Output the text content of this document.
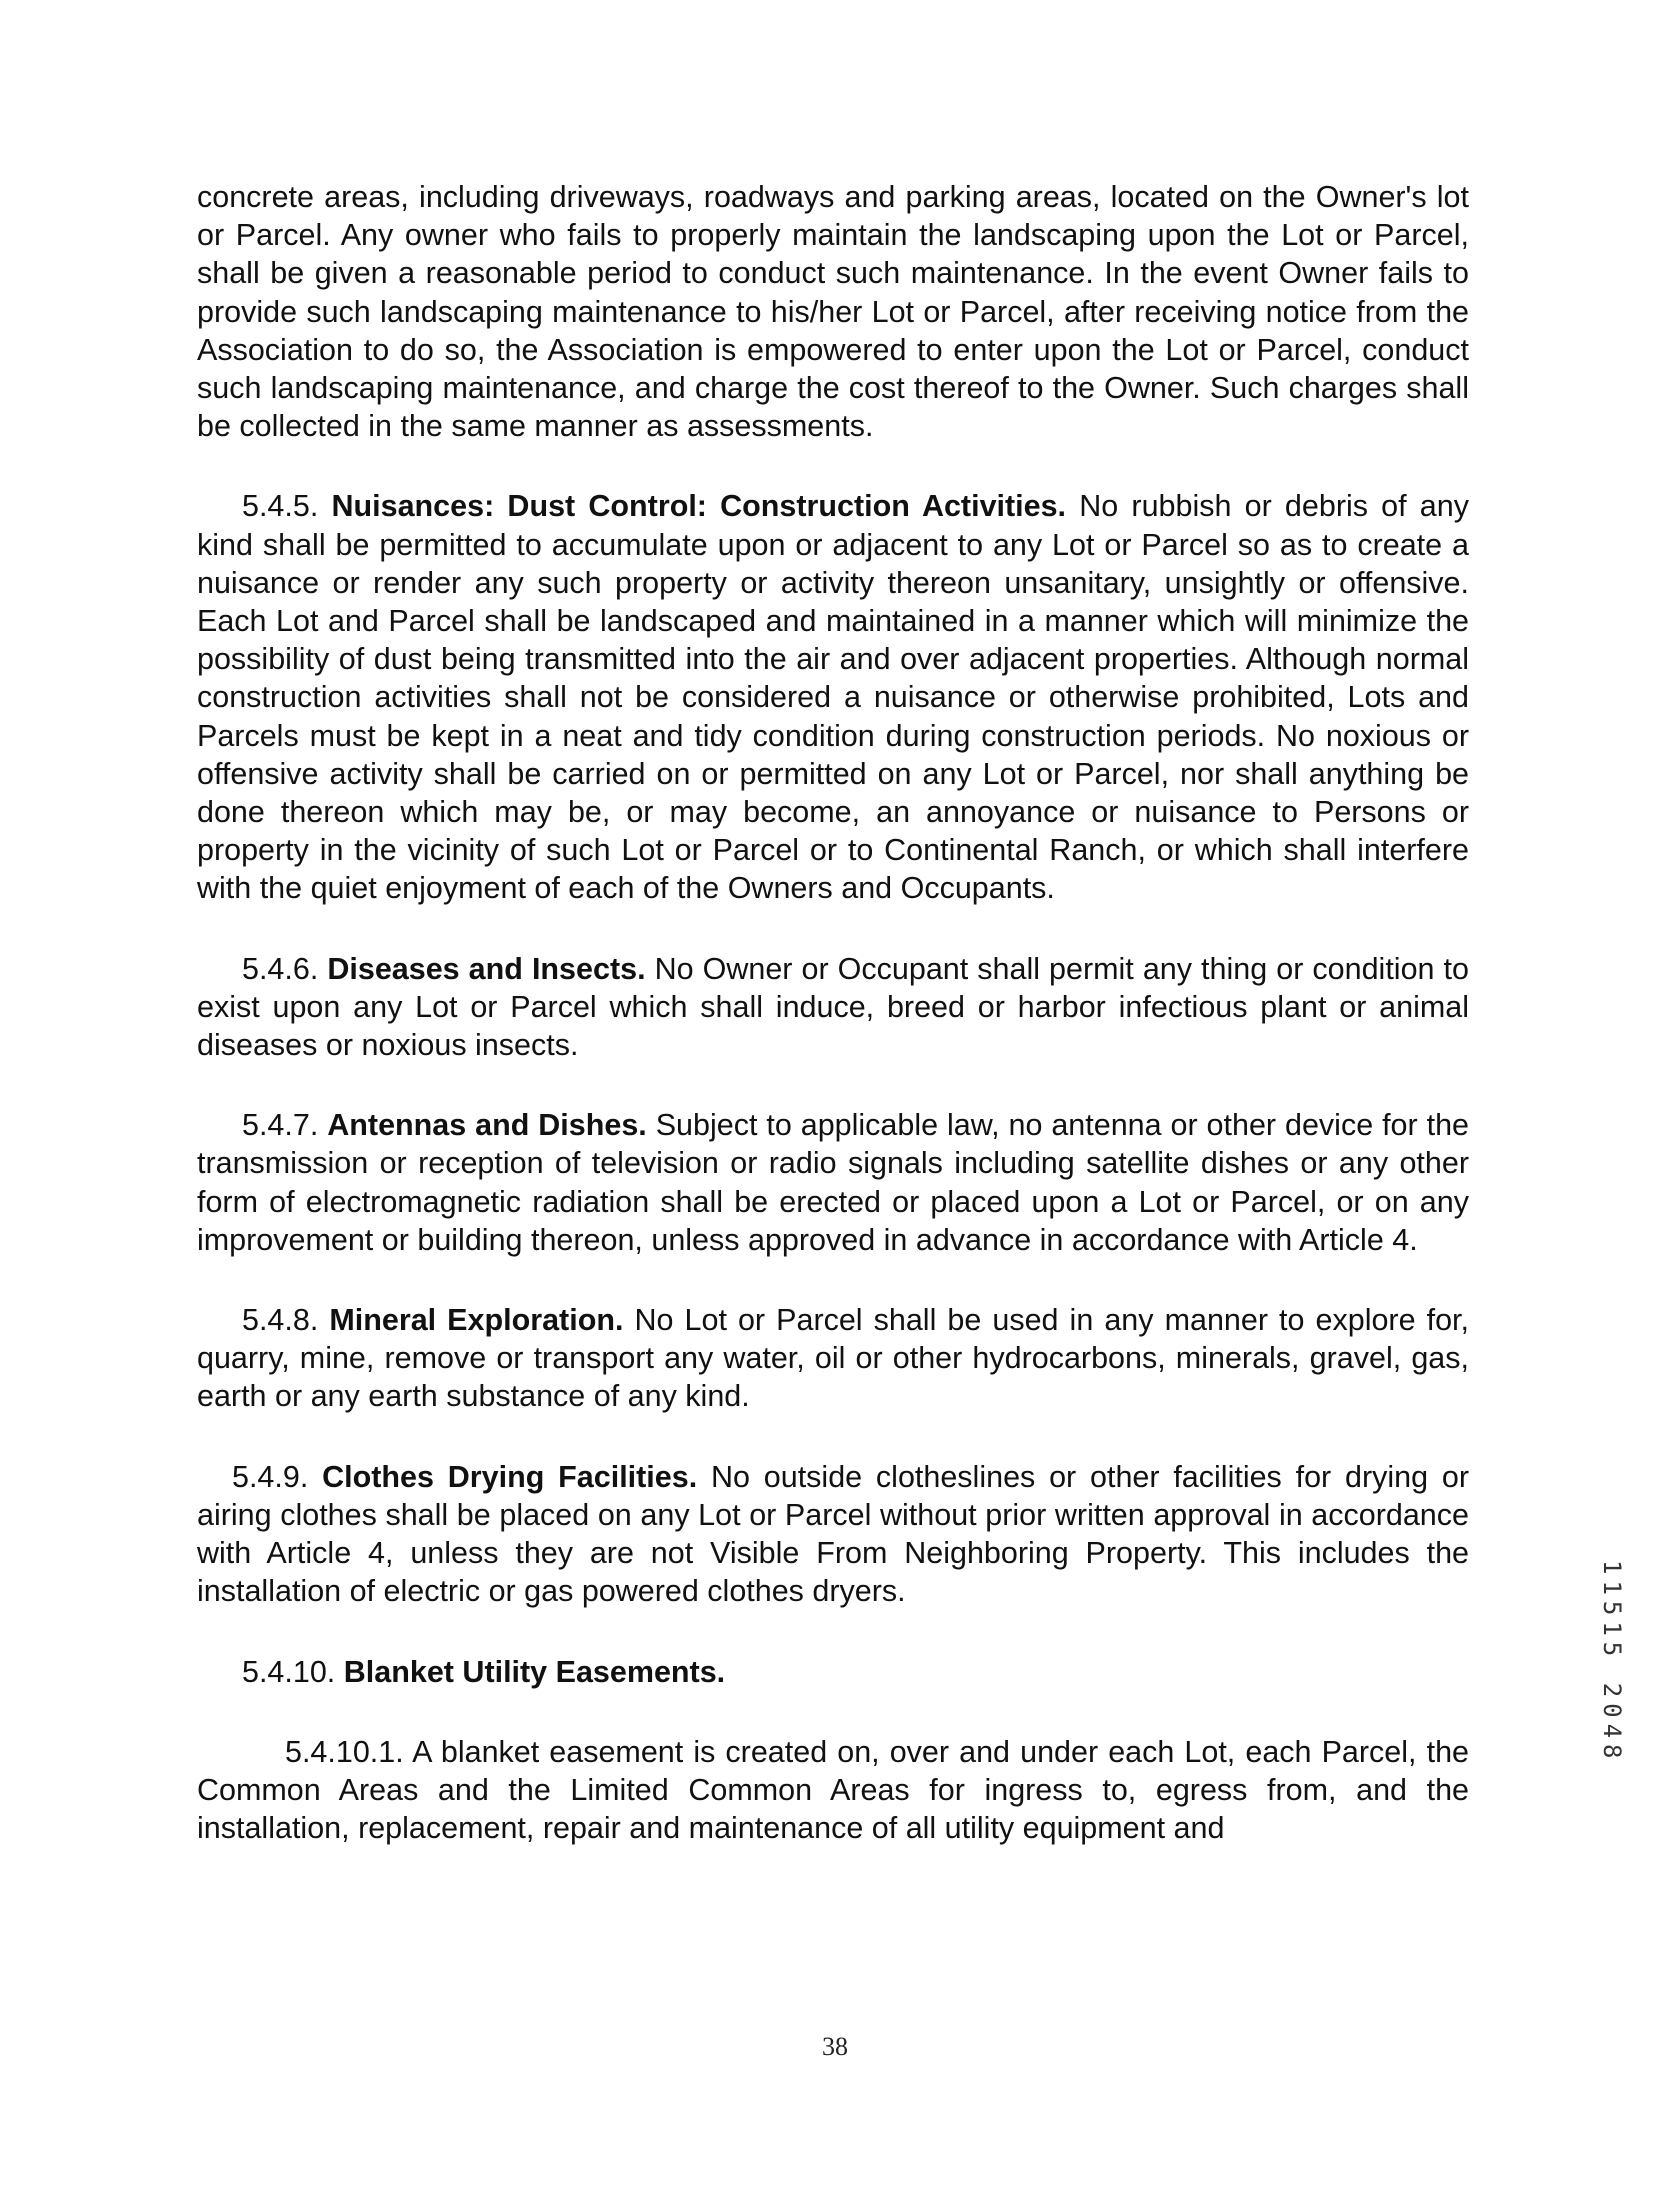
concrete areas, including driveways, roadways and parking areas, located on the Owner's lot or Parcel. Any owner who fails to properly maintain the landscaping upon the Lot or Parcel, shall be given a reasonable period to conduct such maintenance. In the event Owner fails to provide such landscaping maintenance to his/her Lot or Parcel, after receiving notice from the Association to do so, the Association is empowered to enter upon the Lot or Parcel, conduct such landscaping maintenance, and charge the cost thereof to the Owner. Such charges shall be collected in the same manner as assessments.

5.4.5. Nuisances: Dust Control: Construction Activities. No rubbish or debris of any kind shall be permitted to accumulate upon or adjacent to any Lot or Parcel so as to create a nuisance or render any such property or activity thereon unsanitary, unsightly or offensive. Each Lot and Parcel shall be landscaped and maintained in a manner which will minimize the possibility of dust being transmitted into the air and over adjacent properties. Although normal construction activities shall not be considered a nuisance or otherwise prohibited, Lots and Parcels must be kept in a neat and tidy condition during construction periods. No noxious or offensive activity shall be carried on or permitted on any Lot or Parcel, nor shall anything be done thereon which may be, or may become, an annoyance or nuisance to Persons or property in the vicinity of such Lot or Parcel or to Continental Ranch, or which shall interfere with the quiet enjoyment of each of the Owners and Occupants.

5.4.6. Diseases and Insects. No Owner or Occupant shall permit any thing or condition to exist upon any Lot or Parcel which shall induce, breed or harbor infectious plant or animal diseases or noxious insects.

5.4.7. Antennas and Dishes. Subject to applicable law, no antenna or other device for the transmission or reception of television or radio signals including satellite dishes or any other form of electromagnetic radiation shall be erected or placed upon a Lot or Parcel, or on any improvement or building thereon, unless approved in advance in accordance with Article 4.

5.4.8. Mineral Exploration. No Lot or Parcel shall be used in any manner to explore for, quarry, mine, remove or transport any water, oil or other hydrocarbons, minerals, gravel, gas, earth or any earth substance of any kind.

5.4.9. Clothes Drying Facilities. No outside clotheslines or other facilities for drying or airing clothes shall be placed on any Lot or Parcel without prior written approval in accordance with Article 4, unless they are not Visible From Neighboring Property. This includes the installation of electric or gas powered clothes dryers.

5.4.10. Blanket Utility Easements.

5.4.10.1. A blanket easement is created on, over and under each Lot, each Parcel, the Common Areas and the Limited Common Areas for ingress to, egress from, and the installation, replacement, repair and maintenance of all utility equipment and

11515 2048
38
